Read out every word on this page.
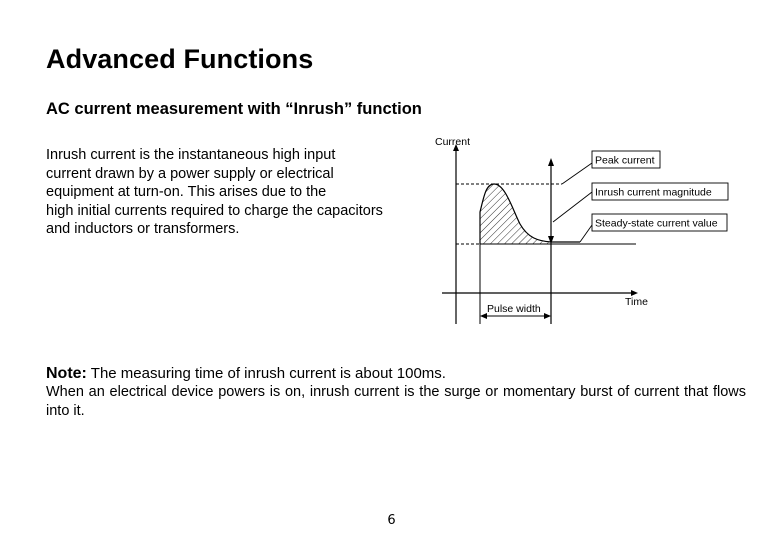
Advanced Functions
AC current measurement with “Inrush” function
Inrush current is the instantaneous high input
current drawn by a power supply or electrical
equipment at turn-on. This arises due to the
high initial currents required to charge the capacitors
and inductors or transformers.
Pulse width
Current
Time
Peak current
Inrush current magnitude
Steady-state current value
Note: The measuring time of inrush current is about 100ms.
When an electrical device powers is on, inrush current is the surge or momentary burst of current that flows into it.
6
